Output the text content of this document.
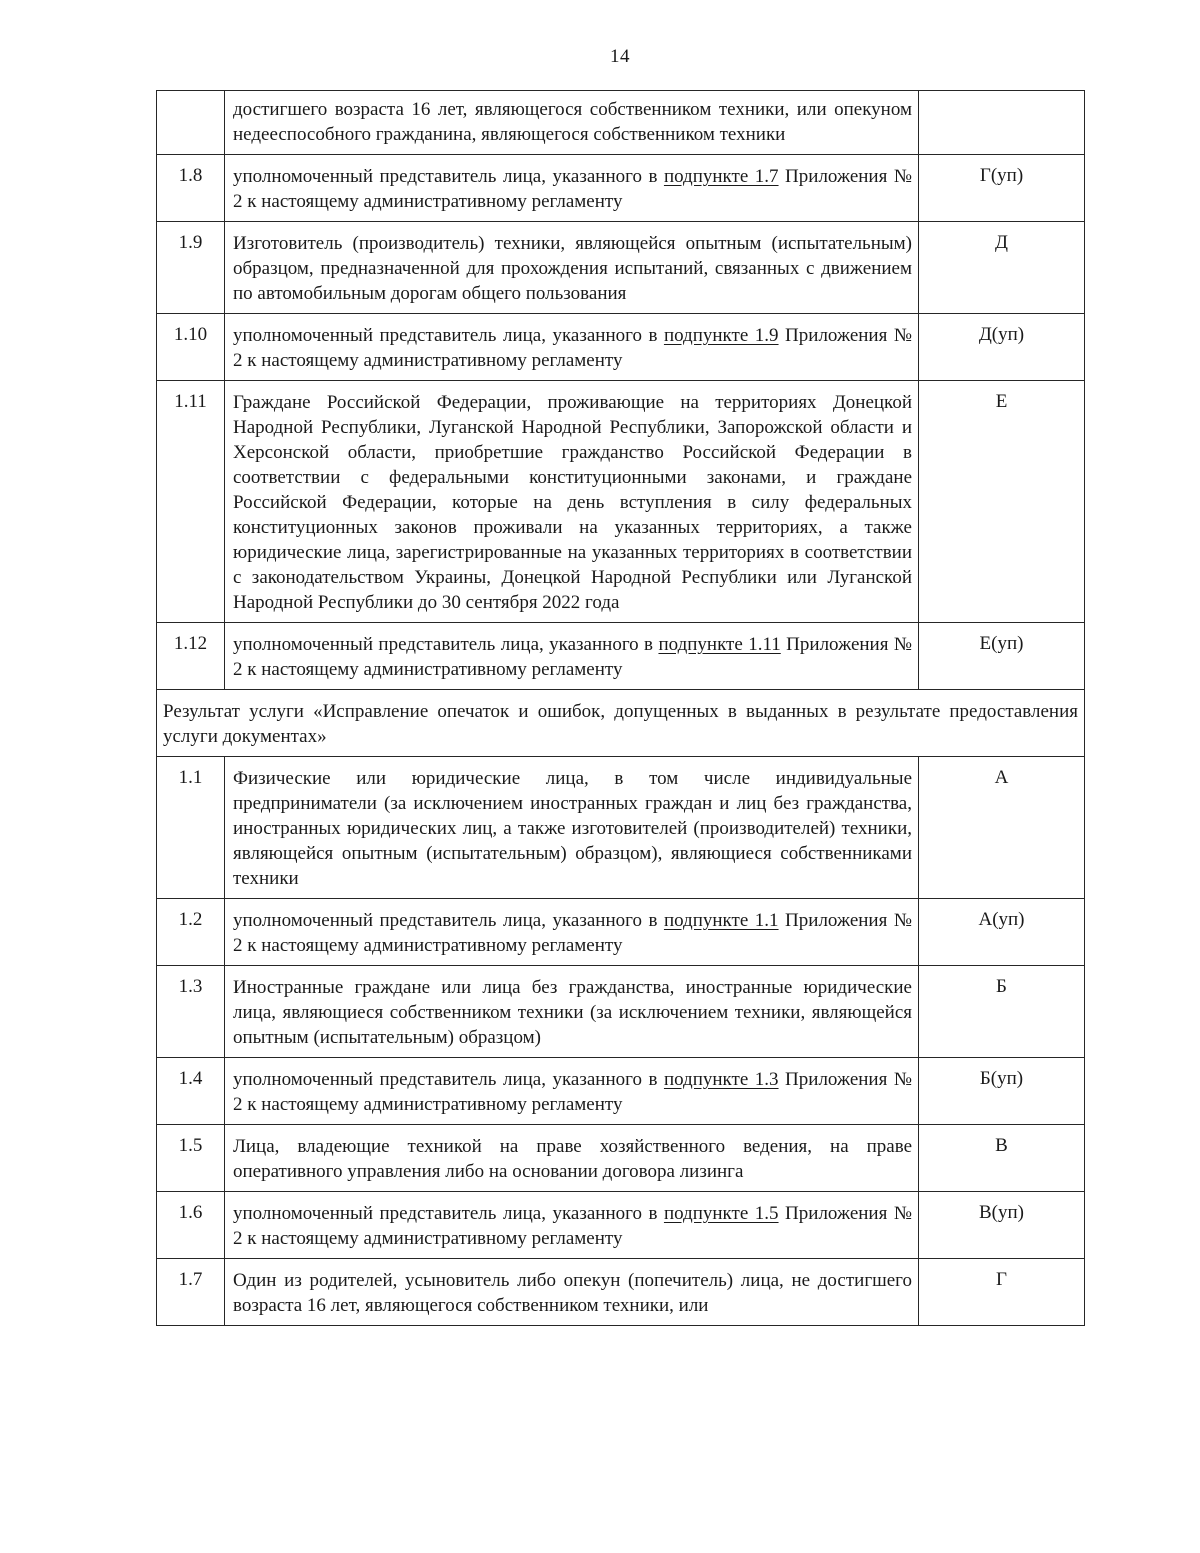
14
	достигшего возраста 16 лет, являющегося собственником техники, или опекуном недееспособного гражданина, являющегося собственником техники	
1.8	уполномоченный представитель лица, указанного в подпункте 1.7 Приложения № 2 к настоящему административному регламенту	Г(уп)
1.9	Изготовитель (производитель) техники, являющейся опытным (испытательным) образцом, предназначенной для прохождения испытаний, связанных с движением по автомобильным дорогам общего пользования	Д
1.10	уполномоченный представитель лица, указанного в подпункте 1.9 Приложения № 2 к настоящему административному регламенту	Д(уп)
1.11	Граждане Российской Федерации, проживающие на территориях Донецкой Народной Республики, Луганской Народной Республики, Запорожской области и Херсонской области, приобретшие гражданство Российской Федерации в соответствии с федеральными конституционными законами, и граждане Российской Федерации, которые на день вступления в силу федеральных конституционных законов проживали на указанных территориях, а также юридические лица, зарегистрированные на указанных территориях в соответствии с законодательством Украины, Донецкой Народной Республики или Луганской Народной Республики до 30 сентября 2022 года	Е
1.12	уполномоченный представитель лица, указанного в подпункте 1.11 Приложения № 2 к настоящему административному регламенту	Е(уп)
Результат услуги «Исправление опечаток и ошибок, допущенных в выданных в результате предоставления услуги документах»		
1.1	Физические или юридические лица, в том числе индивидуальные предприниматели (за исключением иностранных граждан и лиц без гражданства, иностранных юридических лиц, а также изготовителей (производителей) техники, являющейся опытным (испытательным) образцом), являющиеся собственниками техники	А
1.2	уполномоченный представитель лица, указанного в подпункте 1.1 Приложения № 2 к настоящему административному регламенту	А(уп)
1.3	Иностранные граждане или лица без гражданства, иностранные юридические лица, являющиеся собственником техники (за исключением техники, являющейся опытным (испытательным) образцом)	Б
1.4	уполномоченный представитель лица, указанного в подпункте 1.3 Приложения № 2 к настоящему административному регламенту	Б(уп)
1.5	Лица, владеющие техникой на праве хозяйственного ведения, на праве оперативного управления либо на основании договора лизинга	В
1.6	уполномоченный представитель лица, указанного в подпункте 1.5 Приложения № 2 к настоящему административному регламенту	В(уп)
1.7	Один из родителей, усыновитель либо опекун (попечитель) лица, не достигшего возраста 16 лет, являющегося собственником техники, или	Г
